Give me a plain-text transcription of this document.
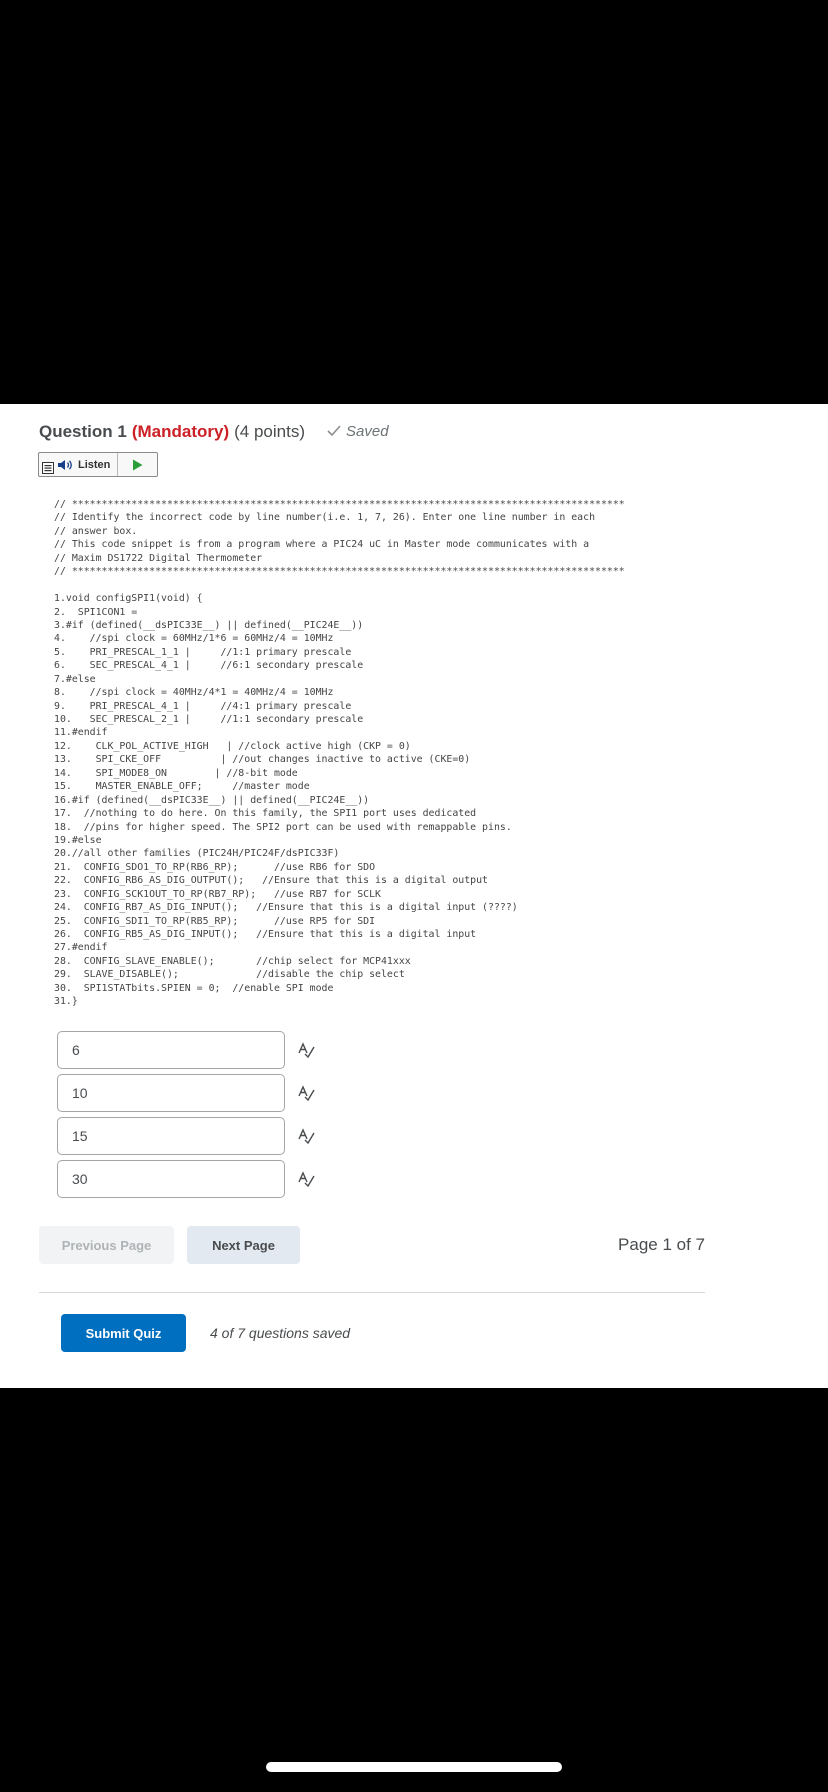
Question 1 (Mandatory) (4 points)	Saved
Listen
// *********************************************************************************************
// Identify the incorrect code by line number(i.e. 1, 7, 26). Enter one line number in each
// answer box.
// This code snippet is from a program where a PIC24 uC in Master mode communicates with a
// Maxim DS1722 Digital Thermometer
// *********************************************************************************************
1.void configSPI1(void) {
2.  SPI1CON1 =
3.#if (defined(__dsPIC33E__) || defined(__PIC24E__))
4.    //spi clock = 60MHz/1*6 = 60MHz/4 = 10MHz
5.    PRI_PRESCAL_1_1 |     //1:1 primary prescale
6.    SEC_PRESCAL_4_1 |     //6:1 secondary prescale
7.#else
8.    //spi clock = 40MHz/4*1 = 40MHz/4 = 10MHz
9.    PRI_PRESCAL_4_1 |     //4:1 primary prescale
10.   SEC_PRESCAL_2_1 |     //1:1 secondary prescale
11.#endif
12.    CLK_POL_ACTIVE_HIGH   | //clock active high (CKP = 0)
13.    SPI_CKE_OFF          | //out changes inactive to active (CKE=0)
14.    SPI_MODE8_ON        | //8-bit mode
15.    MASTER_ENABLE_OFF;     //master mode
16.#if (defined(__dsPIC33E__) || defined(__PIC24E__))
17.  //nothing to do here. On this family, the SPI1 port uses dedicated
18.  //pins for higher speed. The SPI2 port can be used with remappable pins.
19.#else
20.//all other families (PIC24H/PIC24F/dsPIC33F)
21.  CONFIG_SDO1_TO_RP(RB6_RP);      //use RB6 for SDO
22.  CONFIG_RB6_AS_DIG_OUTPUT();   //Ensure that this is a digital output
23.  CONFIG_SCK1OUT_TO_RP(RB7_RP);   //use RB7 for SCLK
24.  CONFIG_RB7_AS_DIG_INPUT();   //Ensure that this is a digital input (????)
25.  CONFIG_SDI1_TO_RP(RB5_RP);      //use RP5 for SDI
26.  CONFIG_RB5_AS_DIG_INPUT();   //Ensure that this is a digital input
27.#endif
28.  CONFIG_SLAVE_ENABLE();       //chip select for MCP41xxx
29.  SLAVE_DISABLE();             //disable the chip select
30.  SPI1STATbits.SPIEN = 0;  //enable SPI mode
31.}
6
10
15
30
Previous Page	Next Page	Page 1 of 7
Submit Quiz	4 of 7 questions saved
